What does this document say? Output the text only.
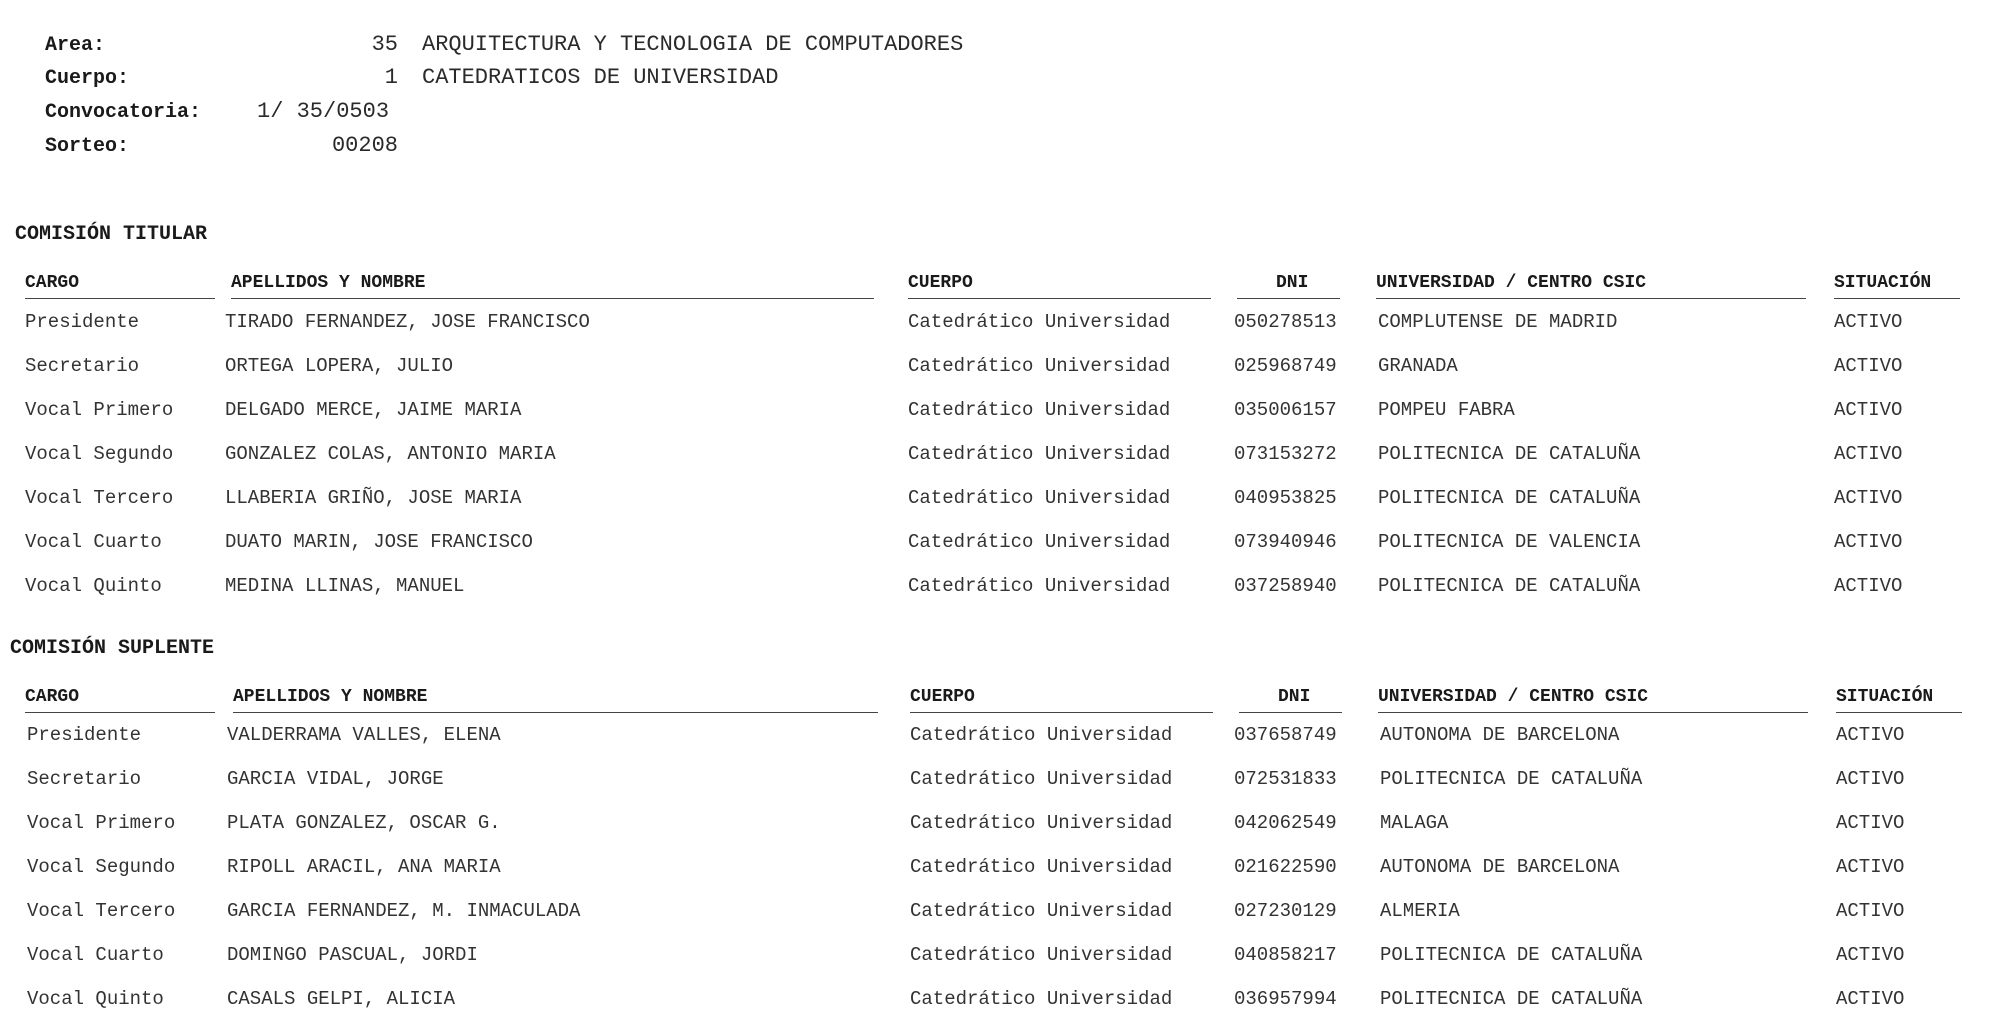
Area:	35 ARQUITECTURA Y TECNOLOGIA DE COMPUTADORES
Cuerpo:	1 CATEDRATICOS DE UNIVERSIDAD
Convocatoria:	1/ 35/0503
Sorteo:	00208
COMISIÓN TITULAR
CARGO	APELLIDOS Y NOMBRE	CUERPO	DNI	UNIVERSIDAD / CENTRO CSIC	SITUACIÓN
Presidente	TIRADO FERNANDEZ, JOSE FRANCISCO	Catedrático Universidad	050278513 COMPLUTENSE DE MADRID	ACTIVO
Secretario	ORTEGA LOPERA, JULIO	Catedrático Universidad	025968749 GRANADA	ACTIVO
Vocal Primero	DELGADO MERCE, JAIME MARIA	Catedrático Universidad	035006157 POMPEU FABRA	ACTIVO
Vocal Segundo	GONZALEZ COLAS, ANTONIO MARIA	Catedrático Universidad	073153272 POLITECNICA DE CATALUÑA	ACTIVO
Vocal Tercero	LLABERIA GRIÑO, JOSE MARIA	Catedrático Universidad	040953825 POLITECNICA DE CATALUÑA	ACTIVO
Vocal Cuarto	DUATO MARIN, JOSE FRANCISCO	Catedrático Universidad	073940946 POLITECNICA DE VALENCIA	ACTIVO
Vocal Quinto	MEDINA LLINAS, MANUEL	Catedrático Universidad	037258940 POLITECNICA DE CATALUÑA	ACTIVO
COMISIÓN SUPLENTE
CARGO	APELLIDOS Y NOMBRE	CUERPO	DNI	UNIVERSIDAD / CENTRO CSIC	SITUACIÓN
Presidente	VALDERRAMA VALLES, ELENA	Catedrático Universidad	037658749 AUTONOMA DE BARCELONA	ACTIVO
Secretario	GARCIA VIDAL, JORGE	Catedrático Universidad	072531833 POLITECNICA DE CATALUÑA	ACTIVO
Vocal Primero	PLATA GONZALEZ, OSCAR G.	Catedrático Universidad	042062549 MALAGA	ACTIVO
Vocal Segundo	RIPOLL ARACIL, ANA MARIA	Catedrático Universidad	021622590 AUTONOMA DE BARCELONA	ACTIVO
Vocal Tercero	GARCIA FERNANDEZ, M. INMACULADA	Catedrático Universidad	027230129 ALMERIA	ACTIVO
Vocal Cuarto	DOMINGO PASCUAL, JORDI	Catedrático Universidad	040858217 POLITECNICA DE CATALUÑA	ACTIVO
Vocal Quinto	CASALS GELPI, ALICIA	Catedrático Universidad	036957994 POLITECNICA DE CATALUÑA	ACTIVO
